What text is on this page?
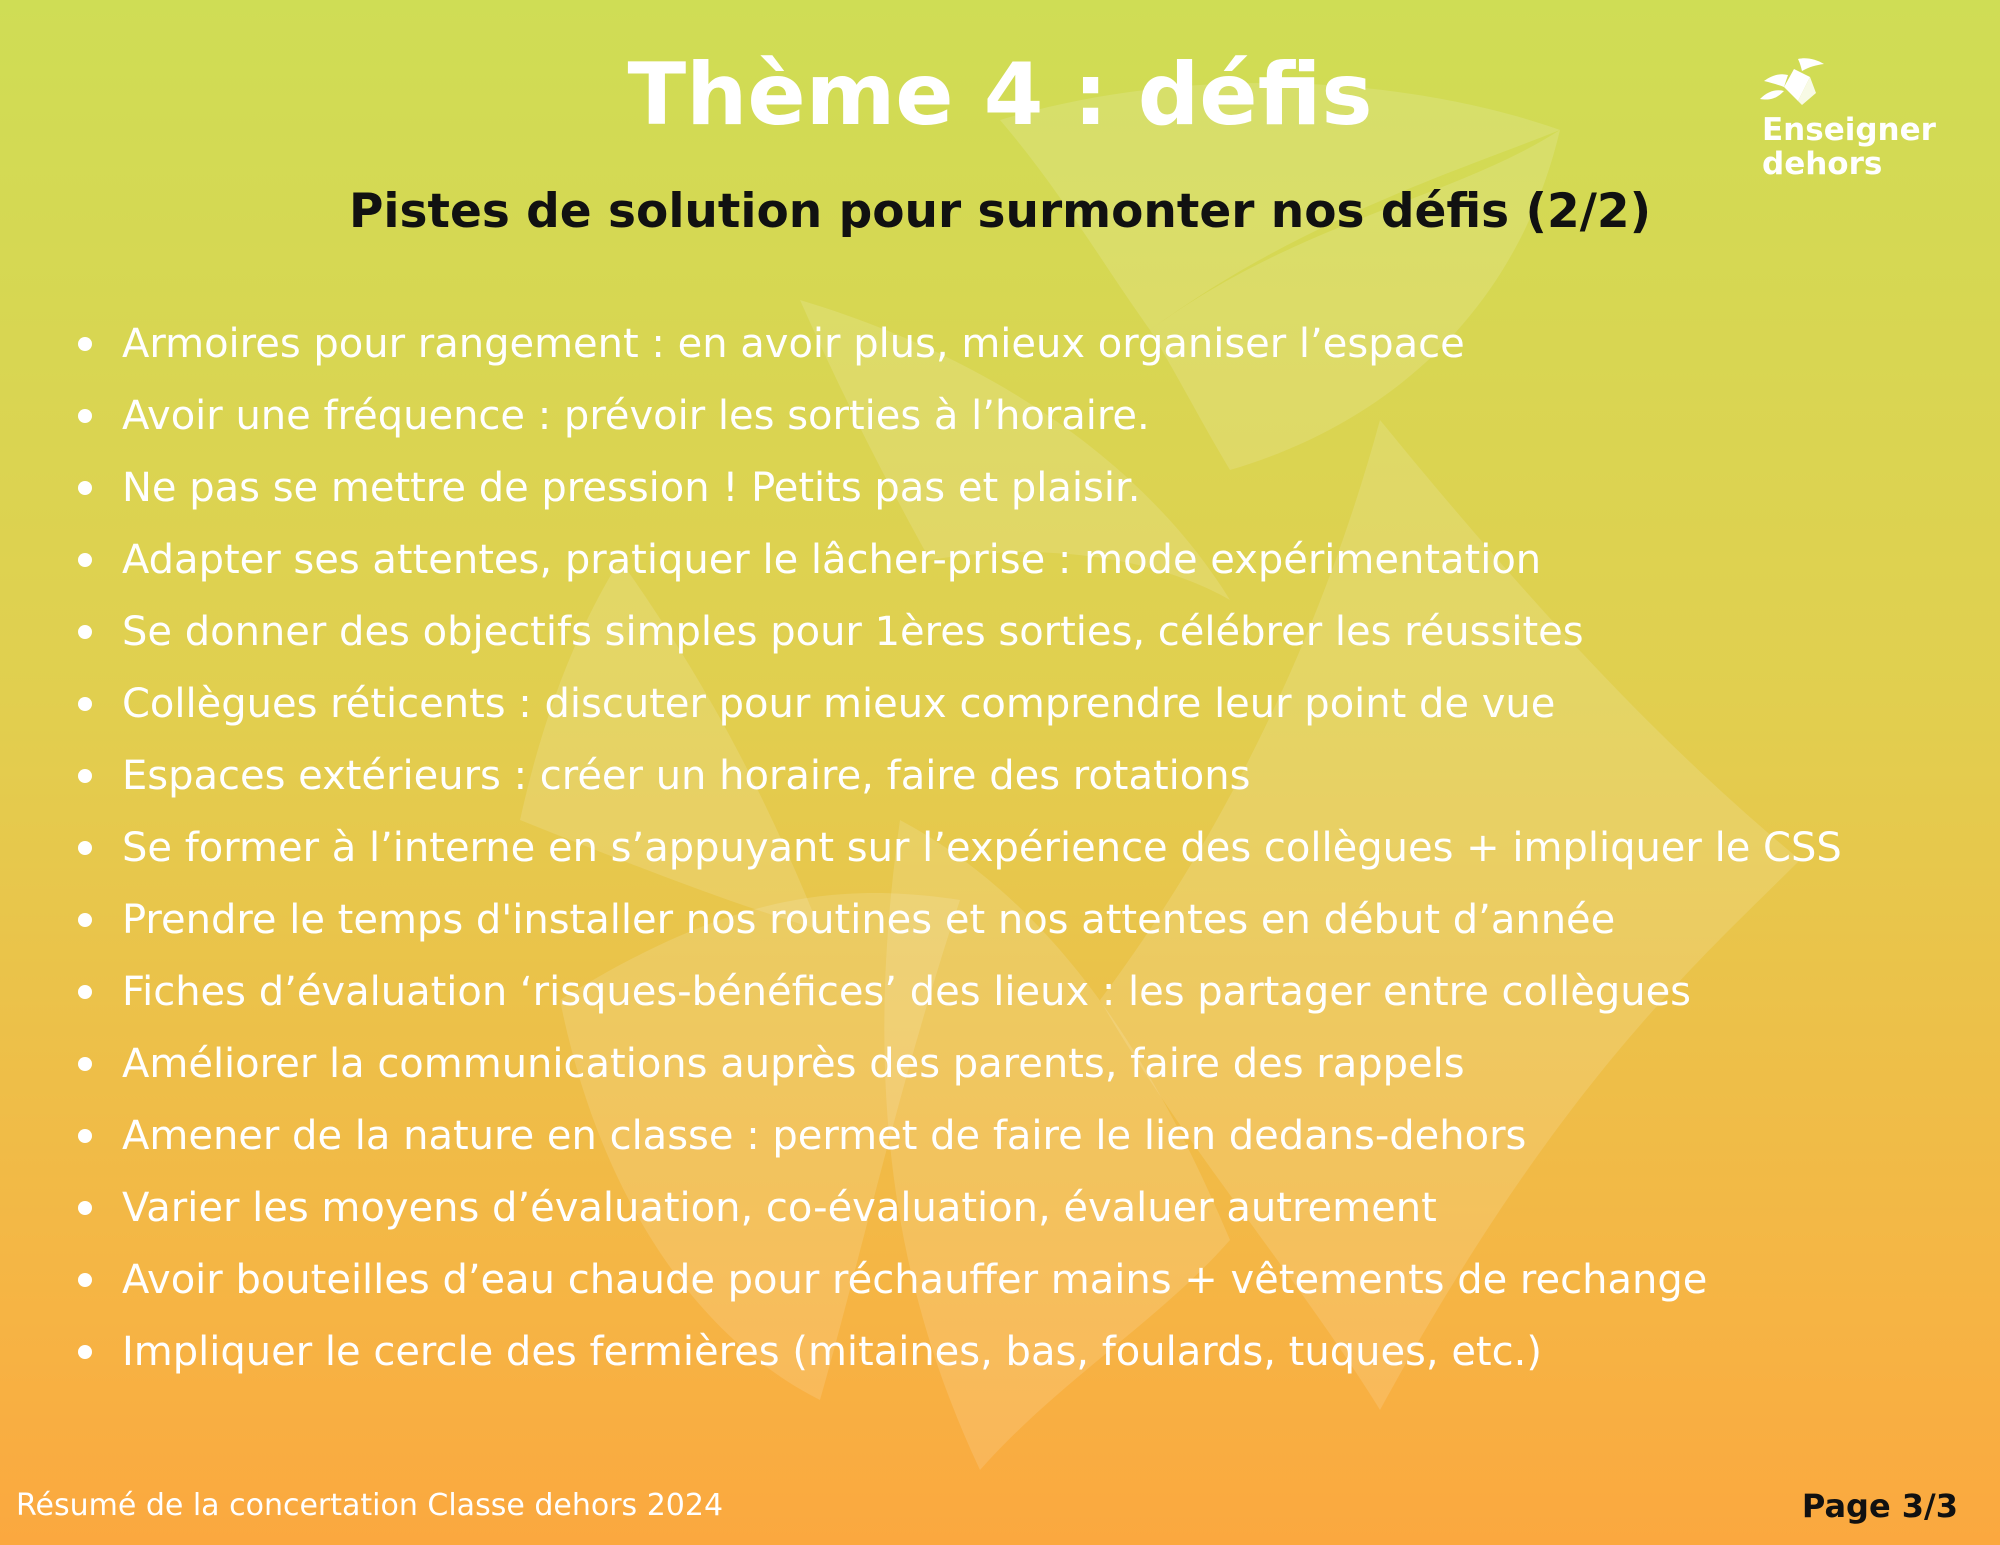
Thème 4 : défis
Pistes de solution pour surmonter nos défis (2/2)
Enseigner
dehors
Armoires pour rangement : en avoir plus, mieux organiser l’espace
Avoir une fréquence : prévoir les sorties à l’horaire.
Ne pas se mettre de pression ! Petits pas et plaisir.
Adapter ses attentes, pratiquer le lâcher-prise : mode expérimentation
Se donner des objectifs simples pour 1ères sorties, célébrer les réussites
Collègues réticents : discuter pour mieux comprendre leur point de vue
Espaces extérieurs : créer un horaire, faire des rotations
Se former à l’interne en s’appuyant sur l’expérience des collègues + impliquer le CSS
Prendre le temps d'installer nos routines et nos attentes en début d’année
Fiches d’évaluation ‘risques-bénéfices’ des lieux : les partager entre collègues
Améliorer la communications auprès des parents, faire des rappels
Amener de la nature en classe : permet de faire le lien dedans-dehors
Varier les moyens d’évaluation, co-évaluation, évaluer autrement
Avoir bouteilles d’eau chaude pour réchauffer mains + vêtements de rechange
Impliquer le cercle des fermières (mitaines, bas, foulards, tuques, etc.)
Résumé de la concertation Classe dehors 2024	Page 3/3
